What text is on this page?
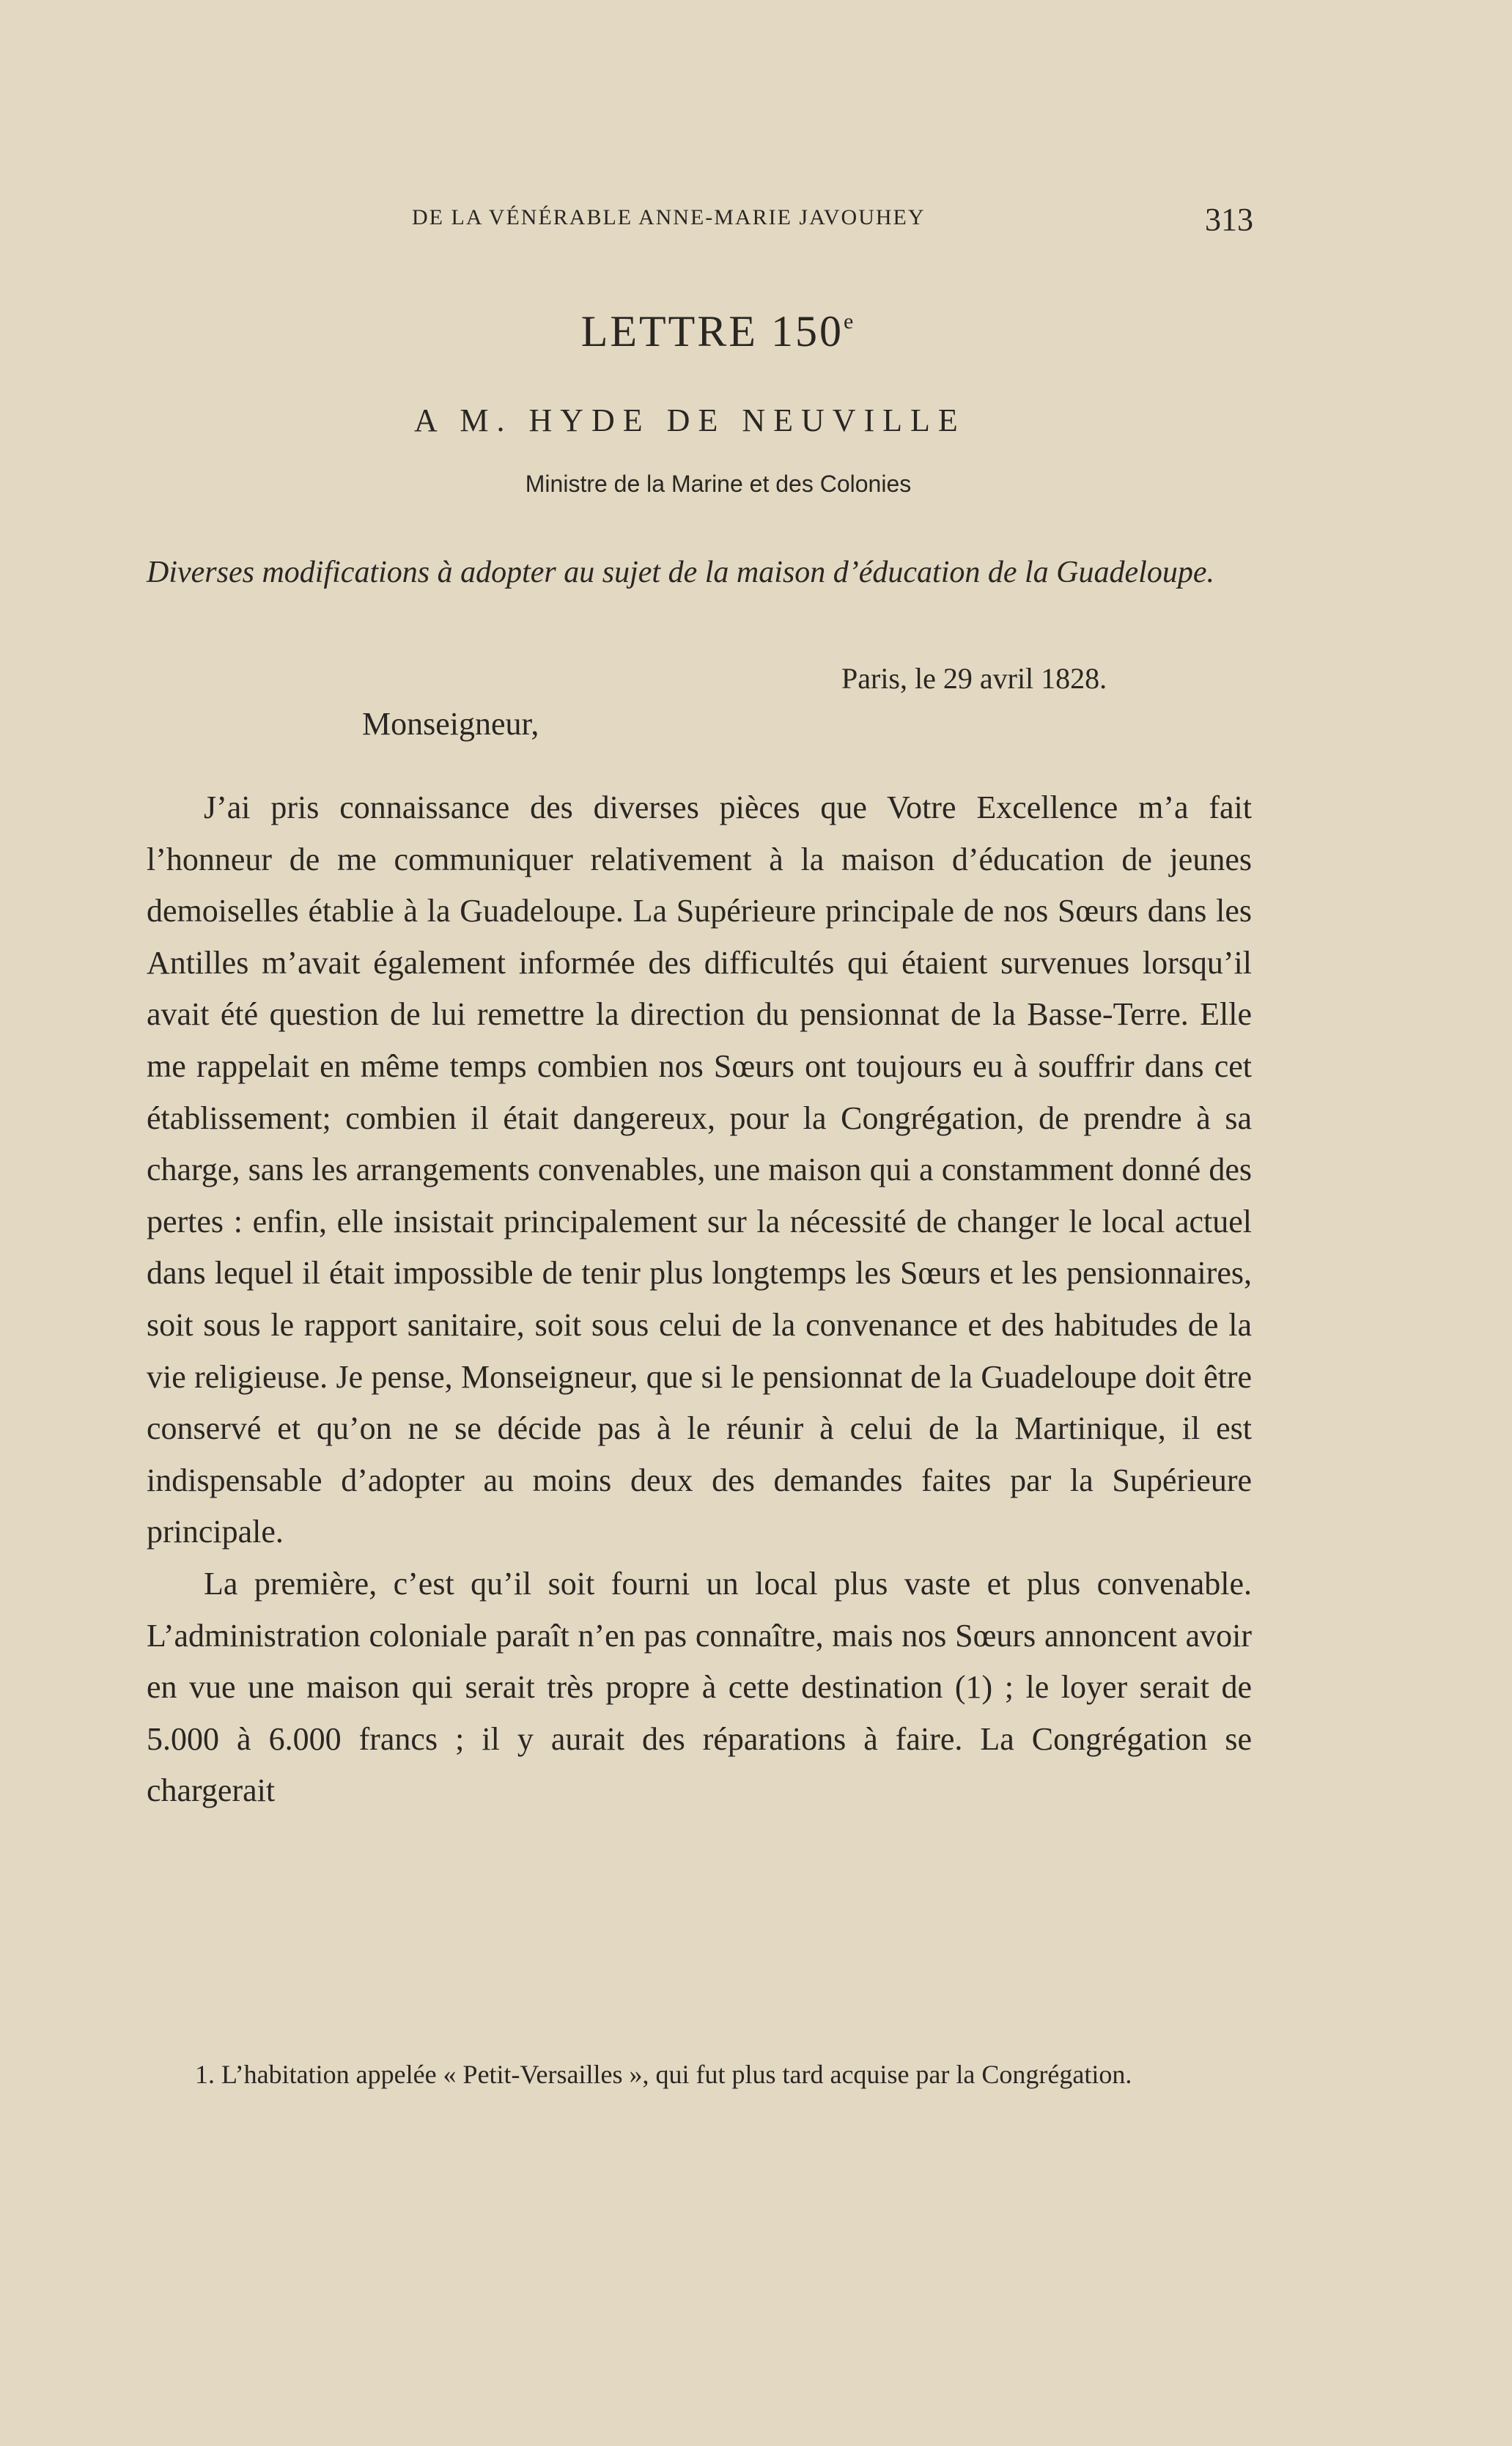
DE LA VÉNÉRABLE ANNE-MARIE JAVOUHEY	313
LETTRE 150e
A M. HYDE DE NEUVILLE
Ministre de la Marine et des Colonies
Diverses modifications à adopter au sujet de la maison d’éducation de la Guadeloupe.
Paris, le 29 avril 1828.
Monseigneur,

J’ai pris connaissance des diverses pièces que Votre Excellence m’a fait l’honneur de me communiquer relativement à la maison d’éducation de jeunes demoiselles établie à la Guadeloupe. La Supérieure principale de nos Sœurs dans les Antilles m’avait également informée des difficultés qui étaient survenues lorsqu’il avait été question de lui remettre la direction du pensionnat de la Basse-Terre. Elle me rappelait en même temps combien nos Sœurs ont toujours eu à souffrir dans cet établissement; combien il était dangereux, pour la Congrégation, de prendre à sa charge, sans les arrangements convenables, une maison qui a constamment donné des pertes : enfin, elle insistait principalement sur la nécessité de changer le local actuel dans lequel il était impossible de tenir plus longtemps les Sœurs et les pensionnaires, soit sous le rapport sanitaire, soit sous celui de la convenance et des habitudes de la vie religieuse. Je pense, Monseigneur, que si le pensionnat de la Guadeloupe doit être conservé et qu’on ne se décide pas à le réunir à celui de la Martinique, il est indispensable d’adopter au moins deux des demandes faites par la Supérieure principale.

La première, c’est qu’il soit fourni un local plus vaste et plus convenable. L’administration coloniale paraît n’en pas connaître, mais nos Sœurs annoncent avoir en vue une maison qui serait très propre à cette destination (1) ; le loyer serait de 5.000 à 6.000 francs ; il y aurait des réparations à faire. La Congrégation se chargerait

1. L’habitation appelée « Petit-Versailles », qui fut plus tard acquise par la Congrégation.
